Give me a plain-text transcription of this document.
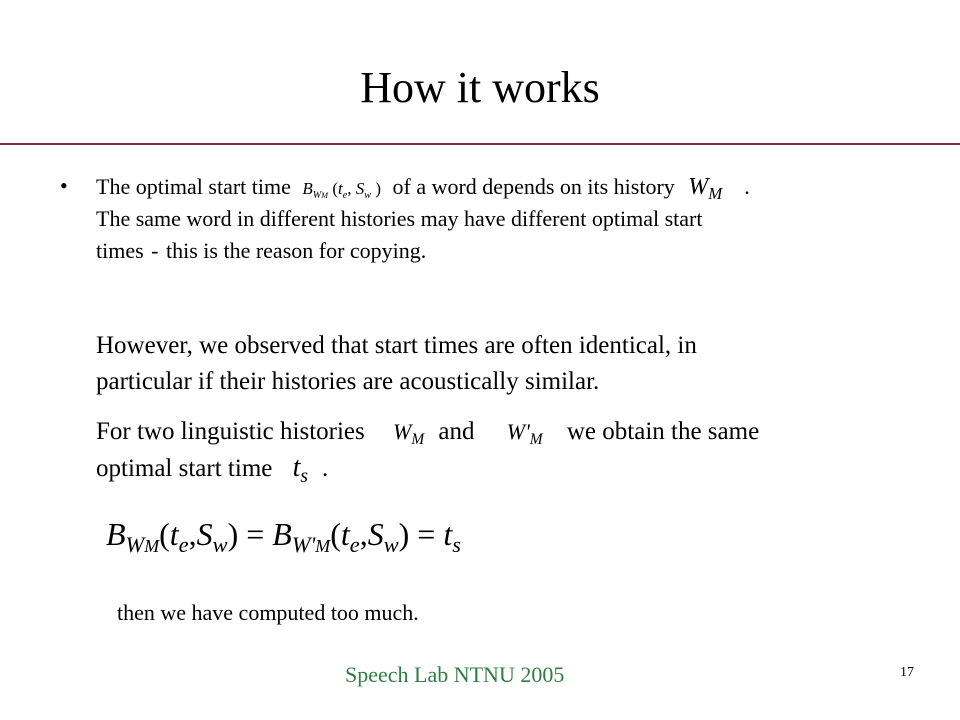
How it works
• The optimal start time $B_{WM}$ ($t_e$, $S_w$ ) of a word depends on its history $W_M$ .
The same word in different histories may have different optimal start
times - this is the reason for copying.
However, we observed that start times are often identical, in
particular if their histories are acoustically similar.
For two linguistic histories $W_M$ and $W'_M$ we obtain the same
optimal start time $t_s$ .
$B_{WM}(t_e,S_w) = B_{W'M}(t_e,S_w) = t_s$
then we have computed too much.
Speech Lab NTNU 2005	17
